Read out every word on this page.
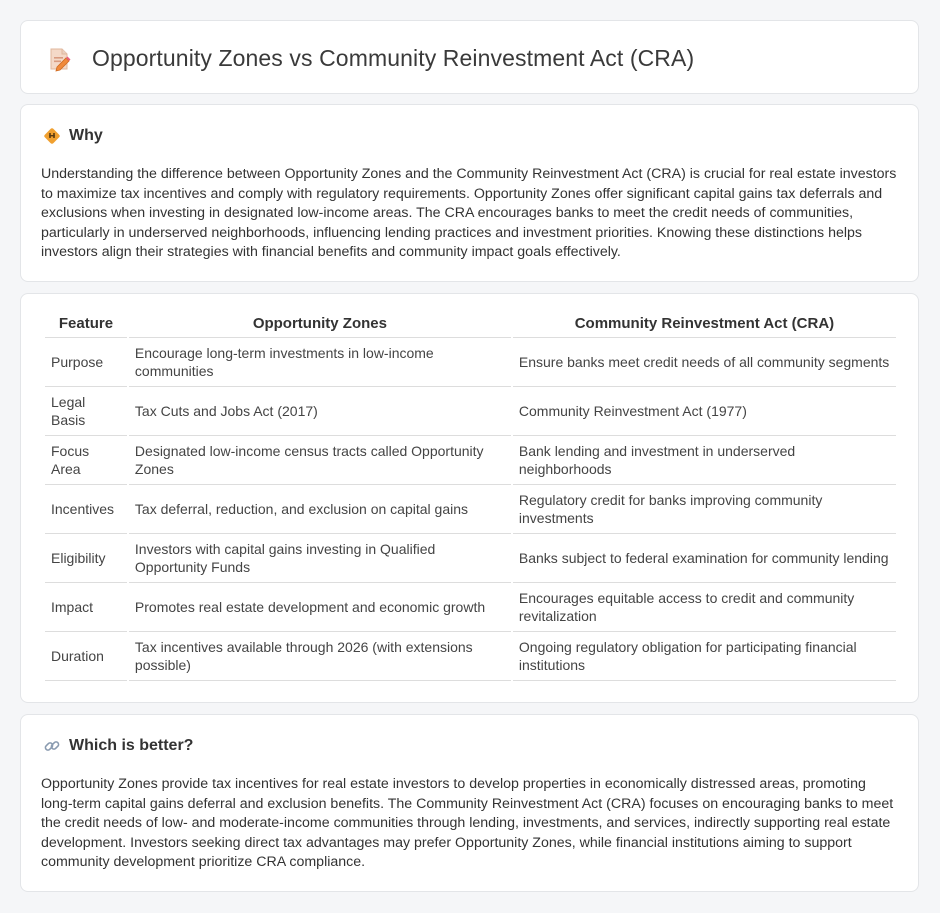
Opportunity Zones vs Community Reinvestment Act (CRA)
Why

Understanding the difference between Opportunity Zones and the Community Reinvestment Act (CRA) is crucial for real estate investors to maximize tax incentives and comply with regulatory requirements. Opportunity Zones offer significant capital gains tax deferrals and exclusions when investing in designated low-income areas. The CRA encourages banks to meet the credit needs of communities, particularly in underserved neighborhoods, influencing lending practices and investment priorities. Knowing these distinctions helps investors align their strategies with financial benefits and community impact goals effectively.

Feature	Opportunity Zones	Community Reinvestment Act (CRA)
Purpose	Encourage long-term investments in low-income communities	Ensure banks meet credit needs of all community segments
Legal Basis	Tax Cuts and Jobs Act (2017)	Community Reinvestment Act (1977)
Focus Area	Designated low-income census tracts called Opportunity Zones	Bank lending and investment in underserved neighborhoods
Incentives	Tax deferral, reduction, and exclusion on capital gains	Regulatory credit for banks improving community investments
Eligibility	Investors with capital gains investing in Qualified Opportunity Funds	Banks subject to federal examination for community lending
Impact	Promotes real estate development and economic growth	Encourages equitable access to credit and community revitalization
Duration	Tax incentives available through 2026 (with extensions possible)	Ongoing regulatory obligation for participating financial institutions
Which is better?

Opportunity Zones provide tax incentives for real estate investors to develop properties in economically distressed areas, promoting long-term capital gains deferral and exclusion benefits. The Community Reinvestment Act (CRA) focuses on encouraging banks to meet the credit needs of low- and moderate-income communities through lending, investments, and services, indirectly supporting real estate development. Investors seeking direct tax advantages may prefer Opportunity Zones, while financial institutions aiming to support community development prioritize CRA compliance.
